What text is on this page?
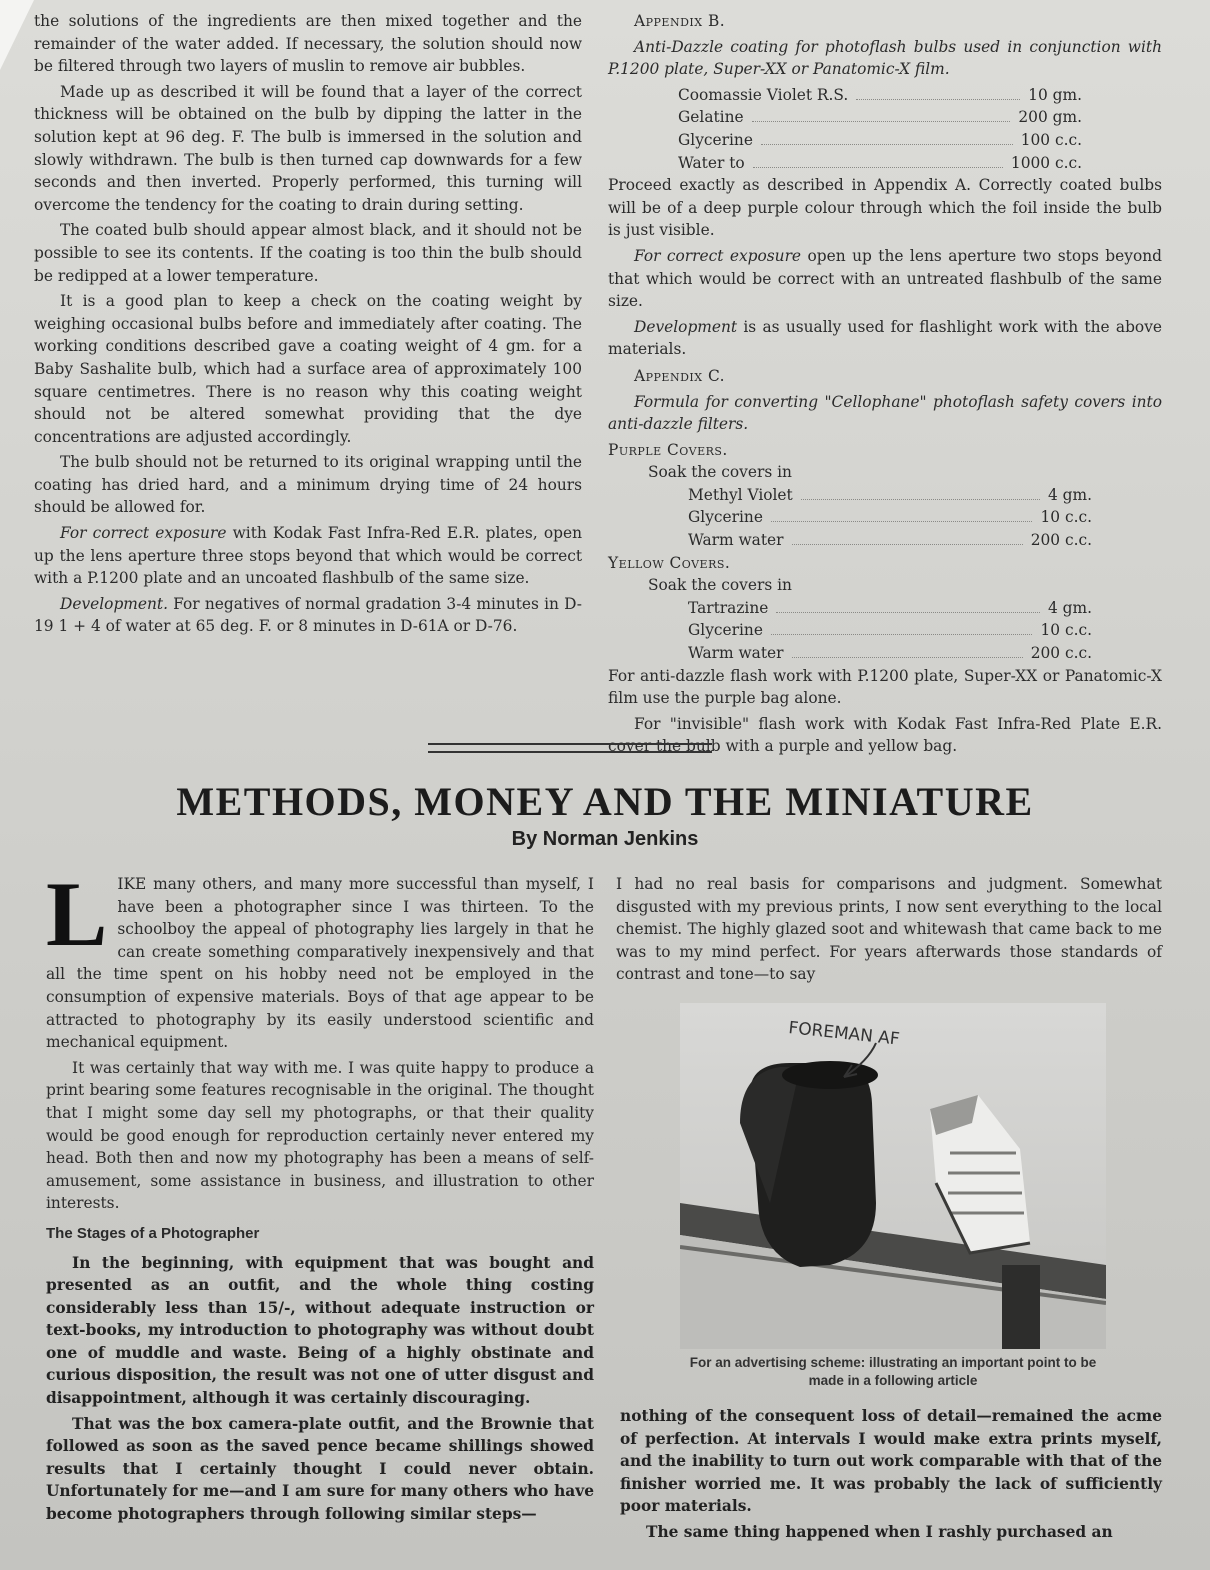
the solutions of the ingredients are then mixed together and the remainder of the water added. If necessary, the solution should now be filtered through two layers of muslin to remove air bubbles.

Made up as described it will be found that a layer of the correct thickness will be obtained on the bulb by dipping the latter in the solution kept at 96 deg. F. The bulb is immersed in the solution and slowly withdrawn. The bulb is then turned cap downwards for a few seconds and then inverted. Properly performed, this turning will overcome the tendency for the coating to drain during setting.

The coated bulb should appear almost black, and it should not be possible to see its contents. If the coating is too thin the bulb should be redipped at a lower temperature.

It is a good plan to keep a check on the coating weight by weighing occasional bulbs before and immediately after coating. The working conditions described gave a coating weight of 4 gm. for a Baby Sashalite bulb, which had a surface area of approximately 100 square centimetres. There is no reason why this coating weight should not be altered somewhat providing that the dye concentrations are adjusted accordingly.

The bulb should not be returned to its original wrapping until the coating has dried hard, and a minimum drying time of 24 hours should be allowed for.

For correct exposure with Kodak Fast Infra-Red E.R. plates, open up the lens aperture three stops beyond that which would be correct with a P.1200 plate and an uncoated flashbulb of the same size.

Development. For negatives of normal gradation 3-4 minutes in D-19 1 + 4 of water at 65 deg. F. or 8 minutes in D-61A or D-76.

Appendix B.

Anti-Dazzle coating for photoflash bulbs used in conjunction with P.1200 plate, Super-XX or Panatomic-X film.

Coomassie Violet R.S.	10 gm.
Gelatine	200 gm.
Glycerine	100 c.c.
Water to	1000 c.c.

Proceed exactly as described in Appendix A. Correctly coated bulbs will be of a deep purple colour through which the foil inside the bulb is just visible.

For correct exposure open up the lens aperture two stops beyond that which would be correct with an untreated flashbulb of the same size.

Development is as usually used for flashlight work with the above materials.

Appendix C.

Formula for converting "Cellophane" photoflash safety covers into anti-dazzle filters.

Purple Covers.
Soak the covers in
Methyl Violet	4 gm.
Glycerine	10 c.c.
Warm water	200 c.c.
Yellow Covers.
Soak the covers in
Tartrazine	4 gm.
Glycerine	10 c.c.
Warm water	200 c.c.

For anti-dazzle flash work with P.1200 plate, Super-XX or Panatomic-X film use the purple bag alone.

For "invisible" flash work with Kodak Fast Infra-Red Plate E.R. cover the bulb with a purple and yellow bag.

METHODS, MONEY AND THE MINIATURE
By Norman Jenkins

LIKE many others, and many more successful than myself, I have been a photographer since I was thirteen. To the schoolboy the appeal of photography lies largely in that he can create something comparatively inexpensively and that all the time spent on his hobby need not be employed in the consumption of expensive materials. Boys of that age appear to be attracted to photography by its easily understood scientific and mechanical equipment.

It was certainly that way with me. I was quite happy to produce a print bearing some features recognisable in the original. The thought that I might some day sell my photographs, or that their quality would be good enough for reproduction certainly never entered my head. Both then and now my photography has been a means of self-amusement, some assistance in business, and illustration to other interests.

The Stages of a Photographer

In the beginning, with equipment that was bought and presented as an outfit, and the whole thing costing considerably less than 15/-, without adequate instruction or text-books, my introduction to photography was without doubt one of muddle and waste. Being of a highly obstinate and curious disposition, the result was not one of utter disgust and disappointment, although it was certainly discouraging.

That was the box camera-plate outfit, and the Brownie that followed as soon as the saved pence became shillings showed results that I certainly thought I could never obtain. Unfortunately for me—and I am sure for many others who have become photographers through following similar steps—

I had no real basis for comparisons and judgment. Somewhat disgusted with my previous prints, I now sent everything to the local chemist. The highly glazed soot and whitewash that came back to me was to my mind perfect. For years afterwards those standards of contrast and tone—to say

FOREMAN AF
For an advertising scheme: illustrating an important point to be made in a following article

nothing of the consequent loss of detail—remained the acme of perfection. At intervals I would make extra prints myself, and the inability to turn out work comparable with that of the finisher worried me. It was probably the lack of sufficiently poor materials.

The same thing happened when I rashly purchased an
